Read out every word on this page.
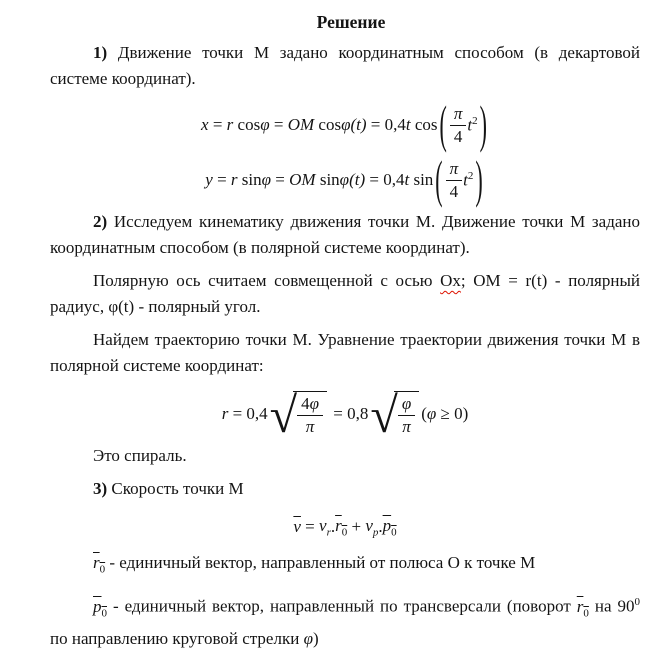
Решение

1) Движение точки М задано координатным способом (в декартовой системе координат).

x = r cos φ = OM cos φ(t) = 0,4 t cos ( $\frac{\pi}{4} t^2$ )
y = r sin φ = OM sin φ(t) = 0,4 t sin ( $\frac{\pi}{4} t^2$ )

2) Исследуем кинематику движения точки М. Движение точки М задано координатным способом (в полярной системе координат).

Полярную ось считаем совмещенной с осью Ox; ОМ = r(t) - полярный радиус, φ(t) - полярный угол.

Найдем траекторию точки М. Уравнение траектории движения точки М в полярной системе координат:

r = 0,4 √ $\frac{4\varphi}{\pi} = 0,8$ √ $\frac{\varphi}{\pi}$ ( φ ≥ 0)

Это спираль.

3) Скорость точки М

$\overline{v} = v_r$ . $r_0 + v_p$ . $p_0$

$r_0$ - единичный вектор, направленный от полюса О к точке М

$p_0$ - единичный вектор, направленный по трансверсали (поворот $r_0$ на $90^0$ по направлению круговой стрелки φ)
